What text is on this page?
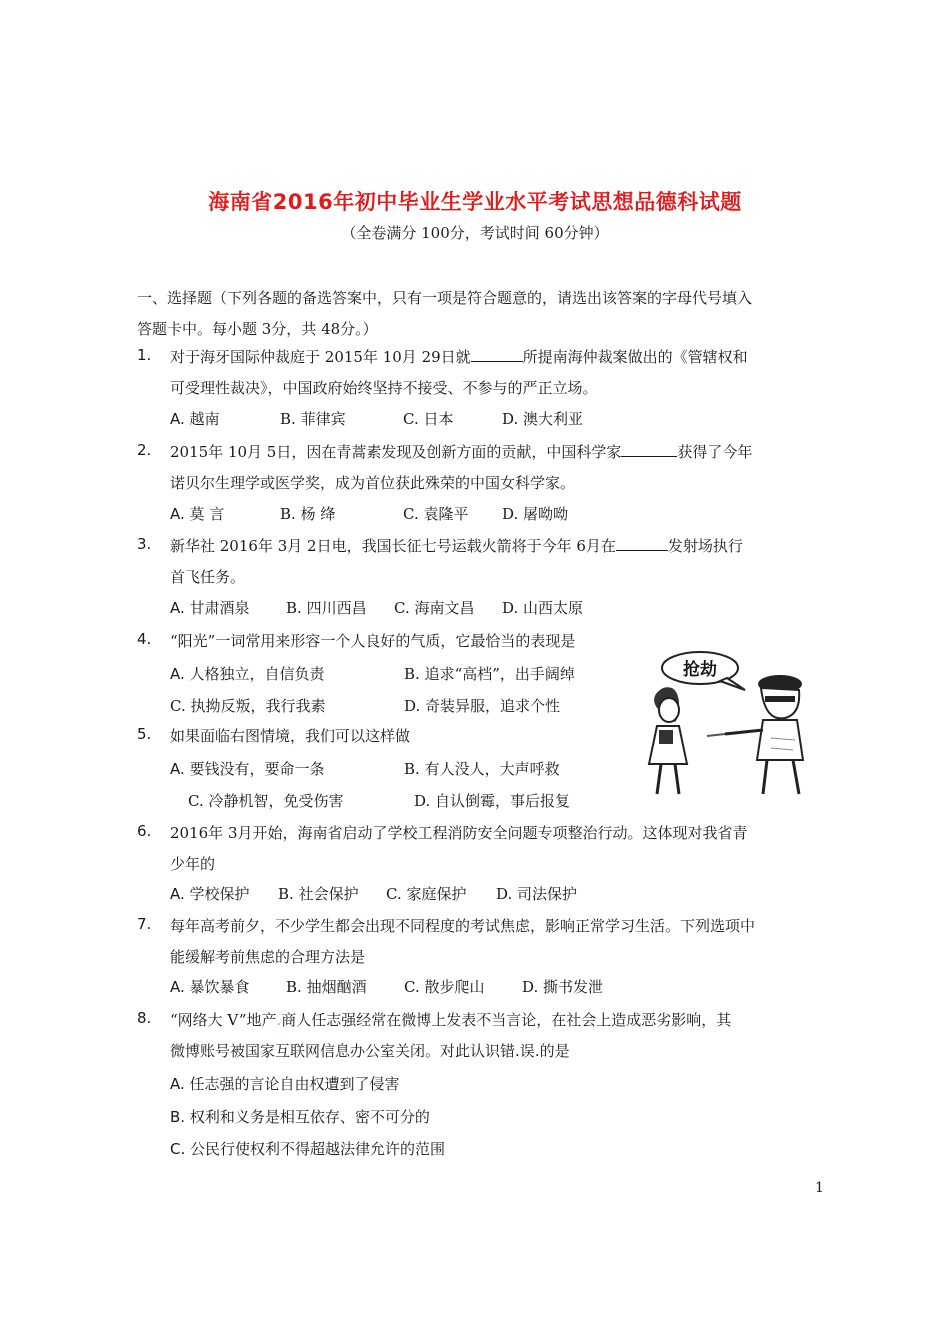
海南省2016年初中毕业生学业水平考试思想品德科试题
（全卷满分 100分，考试时间 60分钟）
一、选择题（下列各题的备选答案中，只有一项是符合题意的，请选出该答案的字母代号填入
答题卡中。每小题 3分，共 48分。）
1. 对于海牙国际仲裁庭于 2015年 10月 29日就	所提南海仲裁案做出的《管辖权和
可受理性裁决》，中国政府始终坚持不接受、不参与的严正立场。
A. 越南	B. 菲律宾	C. 日本	D. 澳大利亚
2. 2015年 10月 5日，因在青蒿素发现及创新方面的贡献，中国科学家	获得了今年
诺贝尔生理学或医学奖，成为首位获此殊荣的中国女科学家。
A. 莫 言	B. 杨 绛	C. 袁隆平 D. 屠呦呦
3. 新华社 2016年 3月 2日电，我国长征七号运载火箭将于今年 6月在	发射场执行
首飞任务。
A. 甘肃酒泉 B. 四川西昌 C. 海南文昌 D. 山西太原
4. “阳光”一词常用来形容一个人良好的气质，它最恰当的表现是
A. 人格独立，自信负责	B. 追求“高档”，出手阔绰
C. 执拗反叛，我行我素	D. 奇装异服，追求个性
5. 如果面临右图情境，我们可以这样做
A. 要钱没有，要命一条	B. 有人没人，大声呼救
C. 冷静机智，免受伤害	D. 自认倒霉，事后报复
抢劫
6. 2016年 3月开始，海南省启动了学校工程消防安全问题专项整治行动。这体现对我省青
少年的
A. 学校保护 B. 社会保护 C. 家庭保护 D. 司法保护
7. 每年高考前夕，不少学生都会出现不同程度的考试焦虑，影响正常学习生活。下列选项中
能缓解考前焦虑的合理方法是
A. 暴饮暴食 B. 抽烟酗酒 C. 散步爬山 D. 撕书发泄
8. “网络大 V”地产.商人任志强经常在微博上发表不当言论，在社会上造成恶劣影响，其
微博账号被国家互联网信息办公室关闭。对此认识错.误.的是
A. 任志强的言论自由权遭到了侵害
B. 权利和义务是相互依存、密不可分的
C. 公民行使权利不得超越法律允许的范围
1
